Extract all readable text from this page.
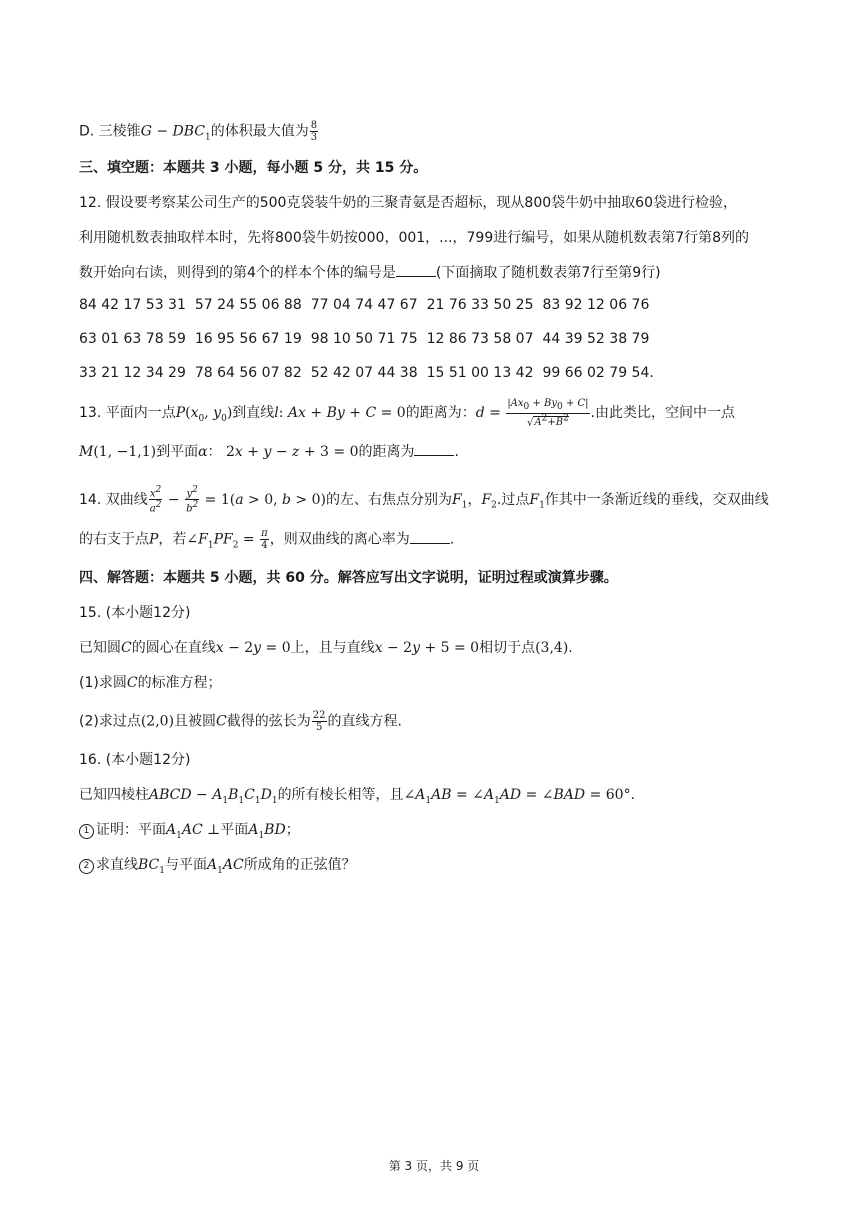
D. 三棱锥$G - DBC_1$的体积最大值为 $\frac{8}{3}$
三、填空题：本题共 3 小题，每小题 5 分，共 15 分。
12. 假设要考察某公司生产的500克袋装牛奶的三聚青氨是否超标，现从800袋牛奶中抽取60袋进行检验，
利用随机数表抽取样本时，先将800袋牛奶按000，001，...，799进行编号，如果从随机数表第7行第8列的
数开始向右读，则得到的第4个的样本个体的编号是	(下面摘取了随机数表第7行至第9行)
84 42 17 53 31 57 24 55 06 88 77 04 74 47 67 21 76 33 50 25 83 92 12 06 76
63 01 63 78 59 16 95 56 67 19 98 10 50 71 75 12 86 73 58 07 44 39 52 38 79
33 21 12 34 29 78 64 56 07 82 52 42 07 44 38 15 51 00 13 42 99 66 02 79 54.
13. 平面内一点$P(x_0$, $y_0$)到直线l: Ax + By + C = 0的距离为：$d = \frac{|Ax_0 + By_0 + C|}{√A^2+B^2}$ .由此类比，空间中一点
M(1, −1,1)到平面α： 2x + y − z + 3 = 0的距离为	.
14. 双曲线 $\frac{x^2}{a^2} - \frac{y^2}{b^2} = 1(a > 0$, b > 0)的左、右焦点分别为$F_1$，$F_2$.过点$F_1$作其中一条渐近线的垂线，交双曲线
的右支于点P，若$\angle F_1PF_2 = \frac{\pi}{4}$ ，则双曲线的离心率为	.
四、解答题：本题共 5 小题，共 60 分。解答应写出文字说明，证明过程或演算步骤。
15. (本小题12分)
已知圆C的圆心在直线x − 2y = 0上，且与直线x − 2y + 5 = 0相切于点(3,4).
(1)求圆C的标准方程；
(2)求过点(2,0)且被圆C截得的弦长为 $\frac{22}{5}$ 的直线方程.
16. (本小题12分)
已知四棱柱ABCD − $A_1B_1C_1D_1$的所有棱长相等，且$\angle A_1AB$ = $\angle A_1AD$ = ∠BAD = 60°.
1 证明：平面$A_1AC$ ⊥平面$A_1BD$；
2 求直线$BC_1$与平面$A_1AC$所成角的正弦值？
第 3 页，共 9 页
